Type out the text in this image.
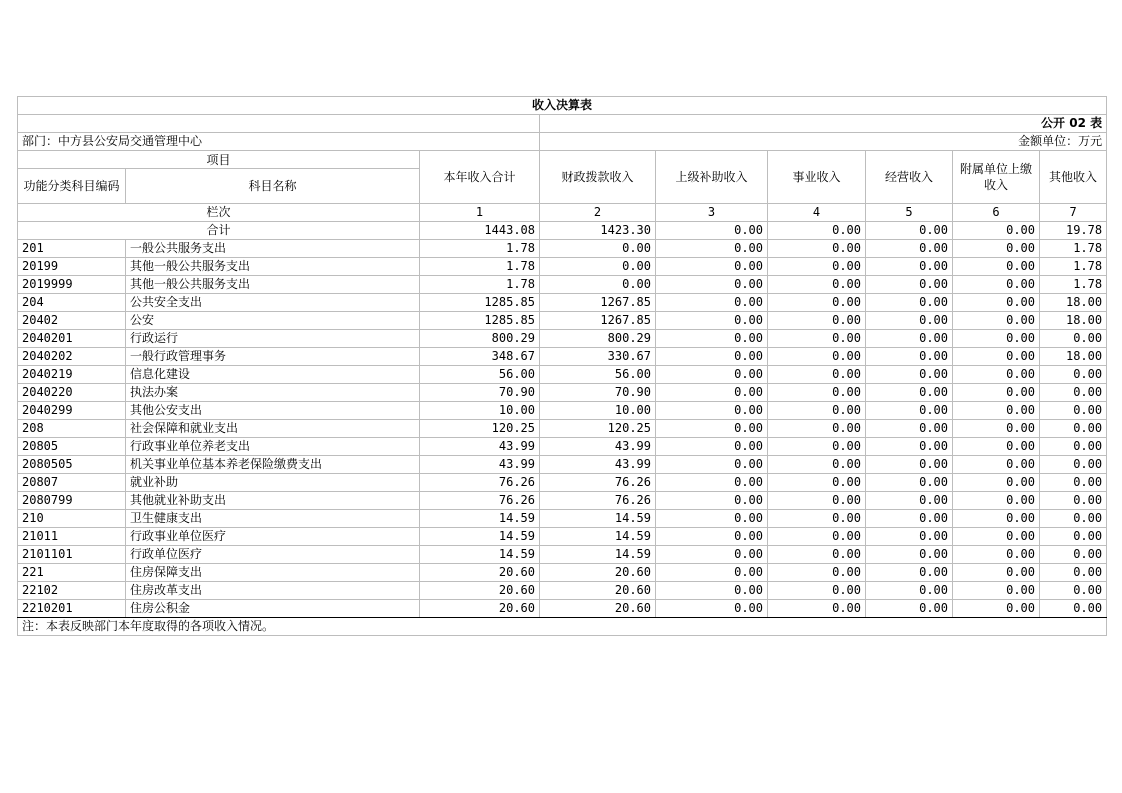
收入决算表								
			公开 02 表					
部门：中方县公安局交通管理中心			金额单位：万元					
项目		本年收入合计	财政拨款收入	上级补助收入	事业收入	经营收入	附属单位上缴收入	其他收入
功能分类科目编码	科目名称							
栏次		1	2	3	4	5	6	7
合计		1443.08	1423.30	0.00	0.00	0.00	0.00	19.78
201	一般公共服务支出	1.78	0.00	0.00	0.00	0.00	0.00	1.78
20199	其他一般公共服务支出	1.78	0.00	0.00	0.00	0.00	0.00	1.78
2019999	其他一般公共服务支出	1.78	0.00	0.00	0.00	0.00	0.00	1.78
204	公共安全支出	1285.85	1267.85	0.00	0.00	0.00	0.00	18.00
20402	公安	1285.85	1267.85	0.00	0.00	0.00	0.00	18.00
2040201	行政运行	800.29	800.29	0.00	0.00	0.00	0.00	0.00
2040202	一般行政管理事务	348.67	330.67	0.00	0.00	0.00	0.00	18.00
2040219	信息化建设	56.00	56.00	0.00	0.00	0.00	0.00	0.00
2040220	执法办案	70.90	70.90	0.00	0.00	0.00	0.00	0.00
2040299	其他公安支出	10.00	10.00	0.00	0.00	0.00	0.00	0.00
208	社会保障和就业支出	120.25	120.25	0.00	0.00	0.00	0.00	0.00
20805	行政事业单位养老支出	43.99	43.99	0.00	0.00	0.00	0.00	0.00
2080505	机关事业单位基本养老保险缴费支出	43.99	43.99	0.00	0.00	0.00	0.00	0.00
20807	就业补助	76.26	76.26	0.00	0.00	0.00	0.00	0.00
2080799	其他就业补助支出	76.26	76.26	0.00	0.00	0.00	0.00	0.00
210	卫生健康支出	14.59	14.59	0.00	0.00	0.00	0.00	0.00
21011	行政事业单位医疗	14.59	14.59	0.00	0.00	0.00	0.00	0.00
2101101	行政单位医疗	14.59	14.59	0.00	0.00	0.00	0.00	0.00
221	住房保障支出	20.60	20.60	0.00	0.00	0.00	0.00	0.00
22102	住房改革支出	20.60	20.60	0.00	0.00	0.00	0.00	0.00
2210201	住房公积金	20.60	20.60	0.00	0.00	0.00	0.00	0.00
注：本表反映部门本年度取得的各项收入情况。								
